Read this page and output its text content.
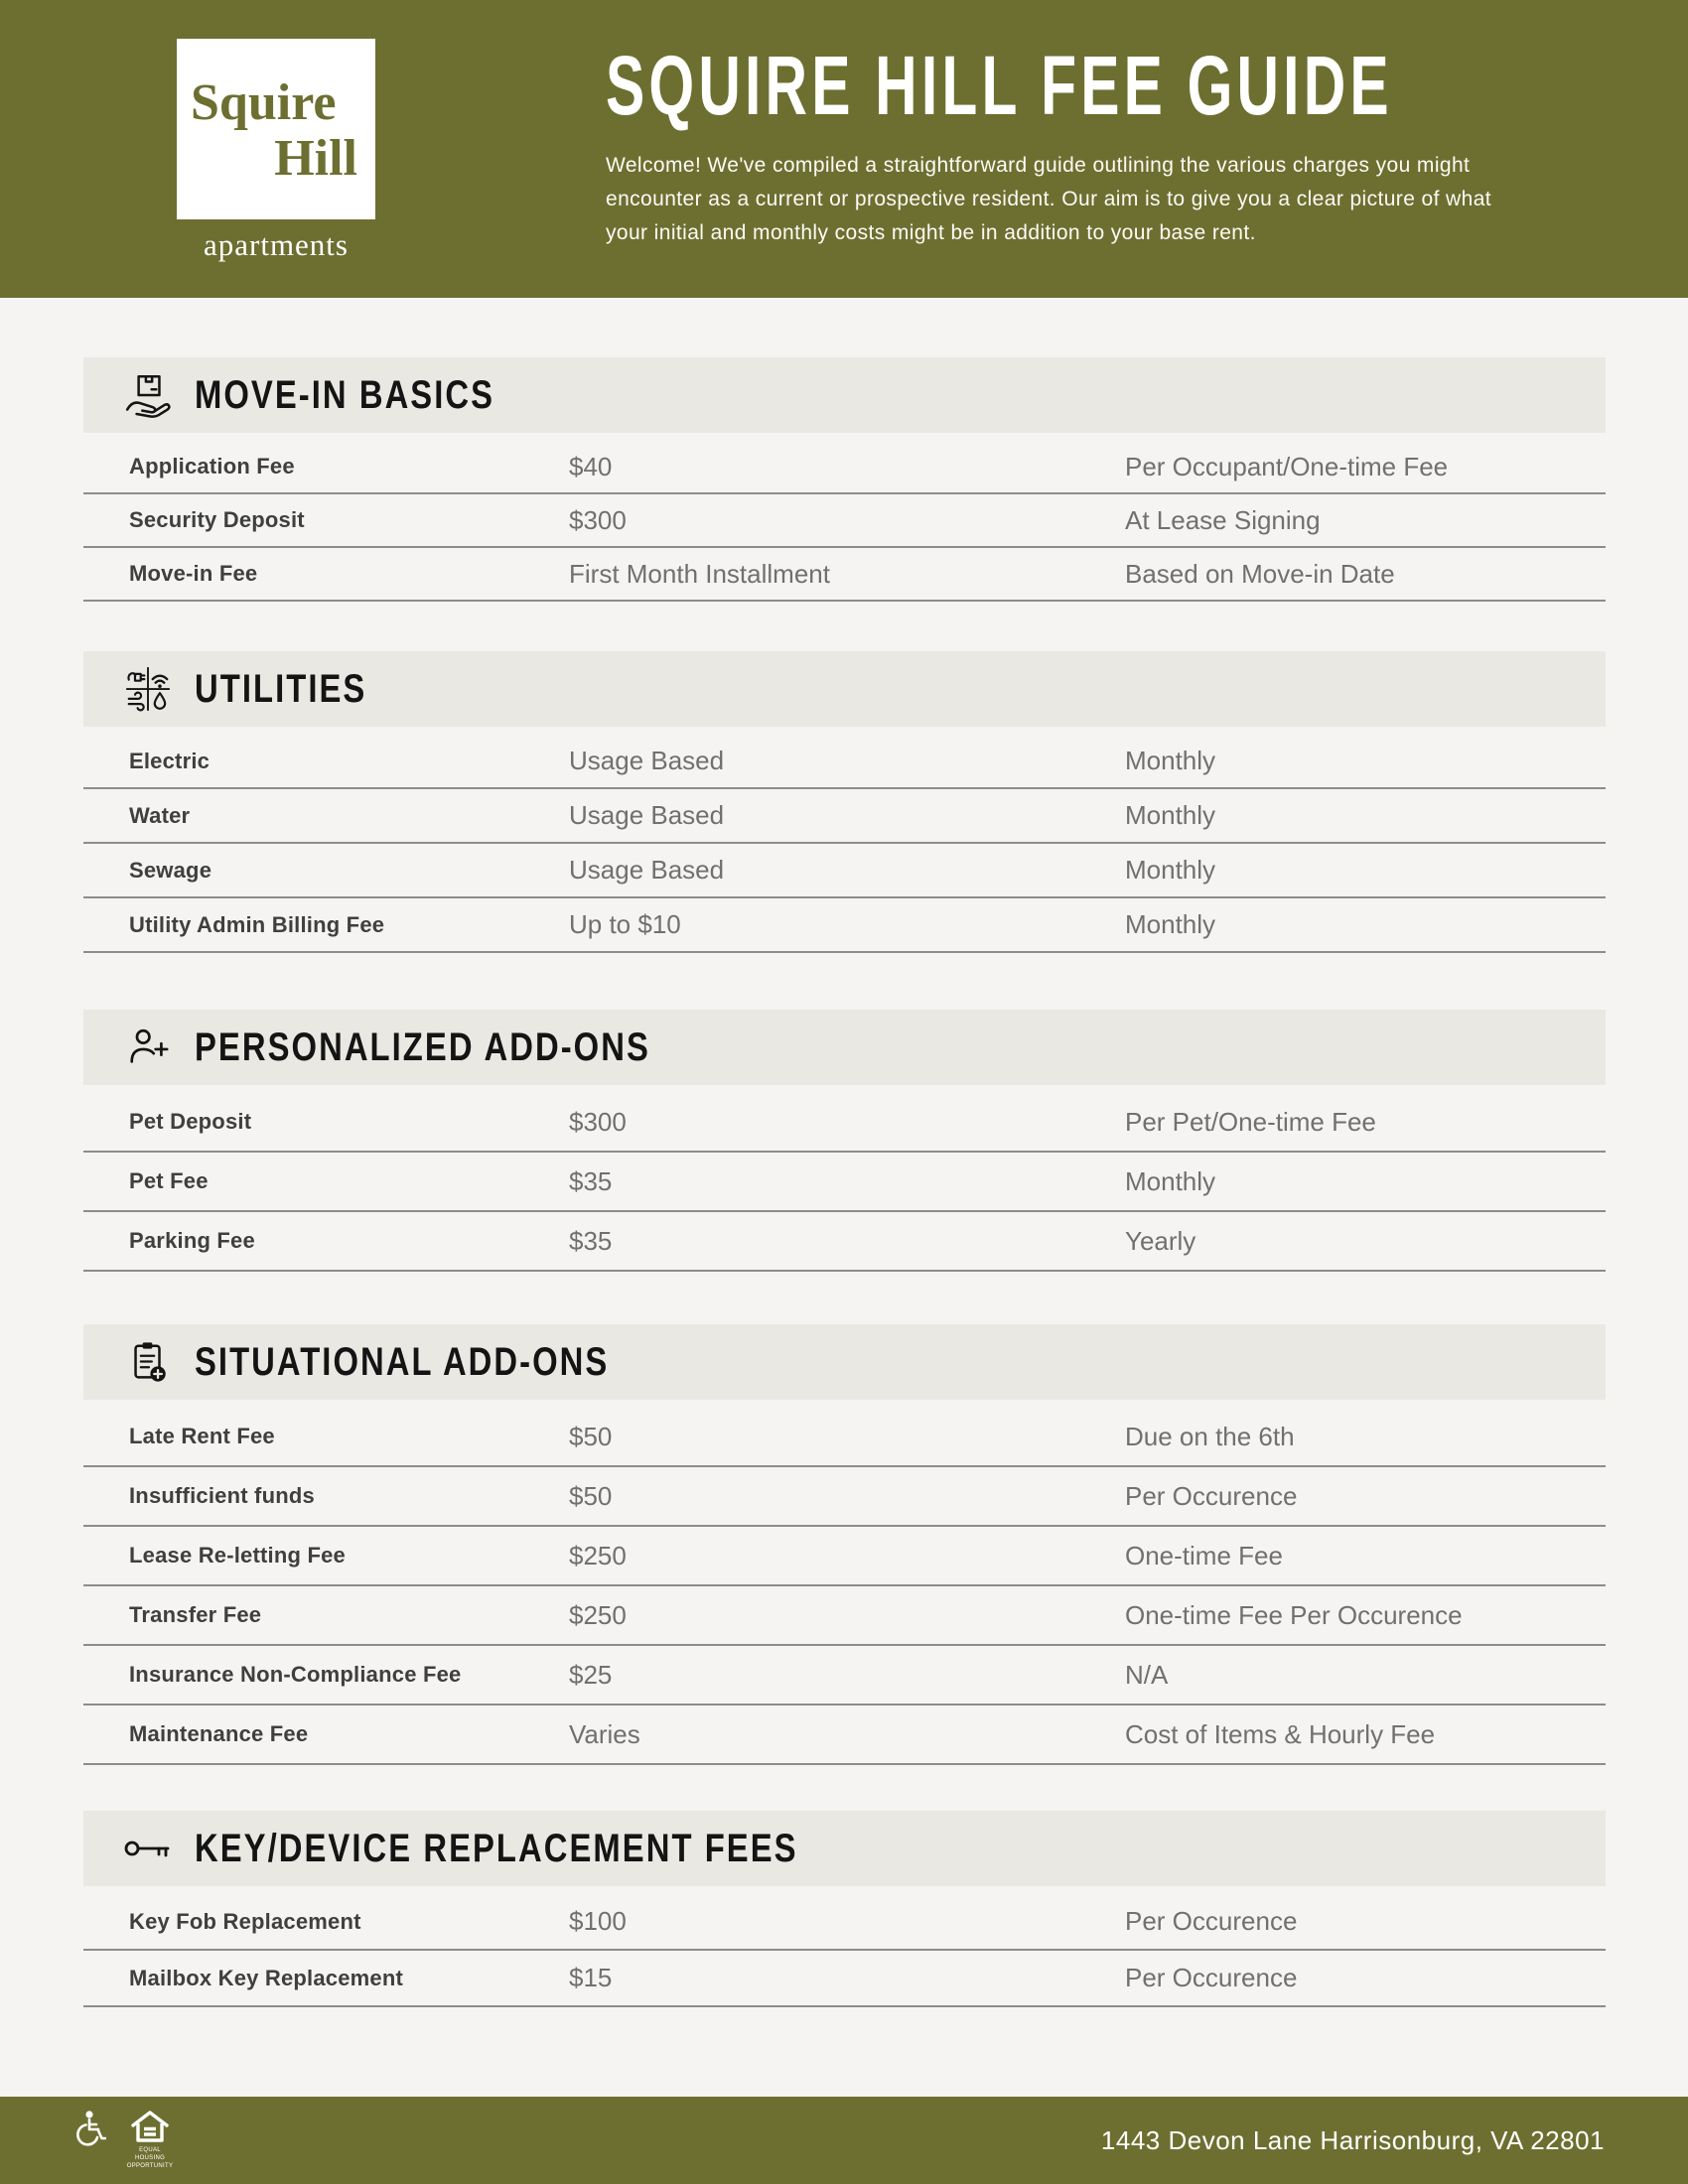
Squire
Hill
apartments
SQUIRE HILL FEE GUIDE

Welcome! We've compiled a straightforward guide outlining the various charges you might encounter as a current or prospective resident. Our aim is to give you a clear picture of what your initial and monthly costs might be in addition to your base rent.

MOVE-IN BASICS
Application Fee	$40	Per Occupant/One-time Fee
Security Deposit	$300	At Lease Signing
Move-in Fee	First Month Installment	Based on Move-in Date
UTILITIES
Electric	Usage Based	Monthly
Water	Usage Based	Monthly
Sewage	Usage Based	Monthly
Utility Admin Billing Fee	Up to $10	Monthly
PERSONALIZED ADD-ONS
Pet Deposit	$300	Per Pet/One-time Fee
Pet Fee	$35	Monthly
Parking Fee	$35	Yearly
SITUATIONAL ADD-ONS
Late Rent Fee	$50	Due on the 6th
Insufficient funds	$50	Per Occurence
Lease Re-letting Fee	$250	One-time Fee
Transfer Fee	$250	One-time Fee Per Occurence
Insurance Non-Compliance Fee	$25	N/A
Maintenance Fee	Varies	Cost of Items & Hourly Fee
KEY/DEVICE REPLACEMENT FEES
Key Fob Replacement	$100	Per Occurence
Mailbox Key Replacement	$15	Per Occurence
EQUAL HOUSING OPPORTUNITY
1443 Devon Lane Harrisonburg, VA 22801
